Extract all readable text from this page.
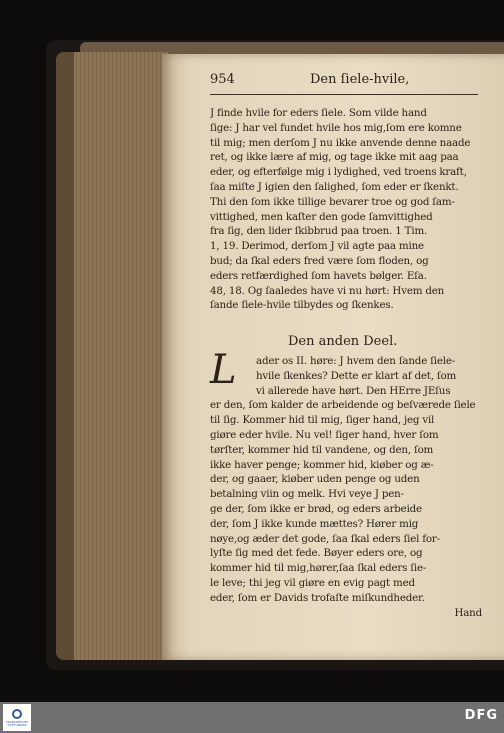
954	Den ſiele-hvile,
J finde hvile for eders ſiele. Som vilde hand
ſige: J har vel fundet hvile hos mig,ſom ere komne
til mig; men derſom J nu ikke anvende denne naade
ret, og ikke lære af mig, og tage ikke mit aag paa
eder, og efterfølge mig i lydighed, ved troens kraft,
ſaa miſte J igien den ſalighed, ſom eder er ſkenkt.
Thi den ſom ikke tillige bevarer troe og god ſam-
vittighed, men kaſter den gode ſamvittighed
fra ſig, den lider ſkibbrud paa troen. 1 Tim.
1, 19. Derimod, derſom J vil agte paa mine
bud; da ſkal eders fred være ſom floden, og
eders retfærdighed ſom havets bølger. Eſa.
48, 18. Og ſaaledes have vi nu hørt: Hvem den
ſande ſiele-hvile tilbydes og ſkenkes.
Den anden Deel.
L	ader os II. høre: J hvem den ſande ſiele-
hvile ſkenkes? Dette er klart af det, ſom
vi allerede have hørt. Den HErre JEſus
er den, ſom kalder de arbeidende og beſværede ſiele
til ſig. Kommer hid til mig, ſiger hand, jeg vil
giøre eder hvile. Nu vel! ſiger hand, hver ſom
tørſter, kommer hid til vandene, og den, ſom
ikke haver penge; kommer hid, kiøber og æ-
der, og gaaer, kiøber uden penge og uden
betalning viin og melk. Hvi veye J pen-
ge der, ſom ikke er brød, og eders arbeide
der, ſom J ikke kunde mættes? Hører mig
nøye,og æder det gode, ſaa ſkal eders ſiel for-
lyſte ſig med det fede. Bøyer eders ore, og
kommer hid til mig,hører,ſaa ſkal eders ſie-
le leve; thi jeg vil giøre en evig pagt med
eder, ſom er Davids trofaſte miſkundheder.
Hand
FRANCKESCHE STIFTUNGEN
DFG
